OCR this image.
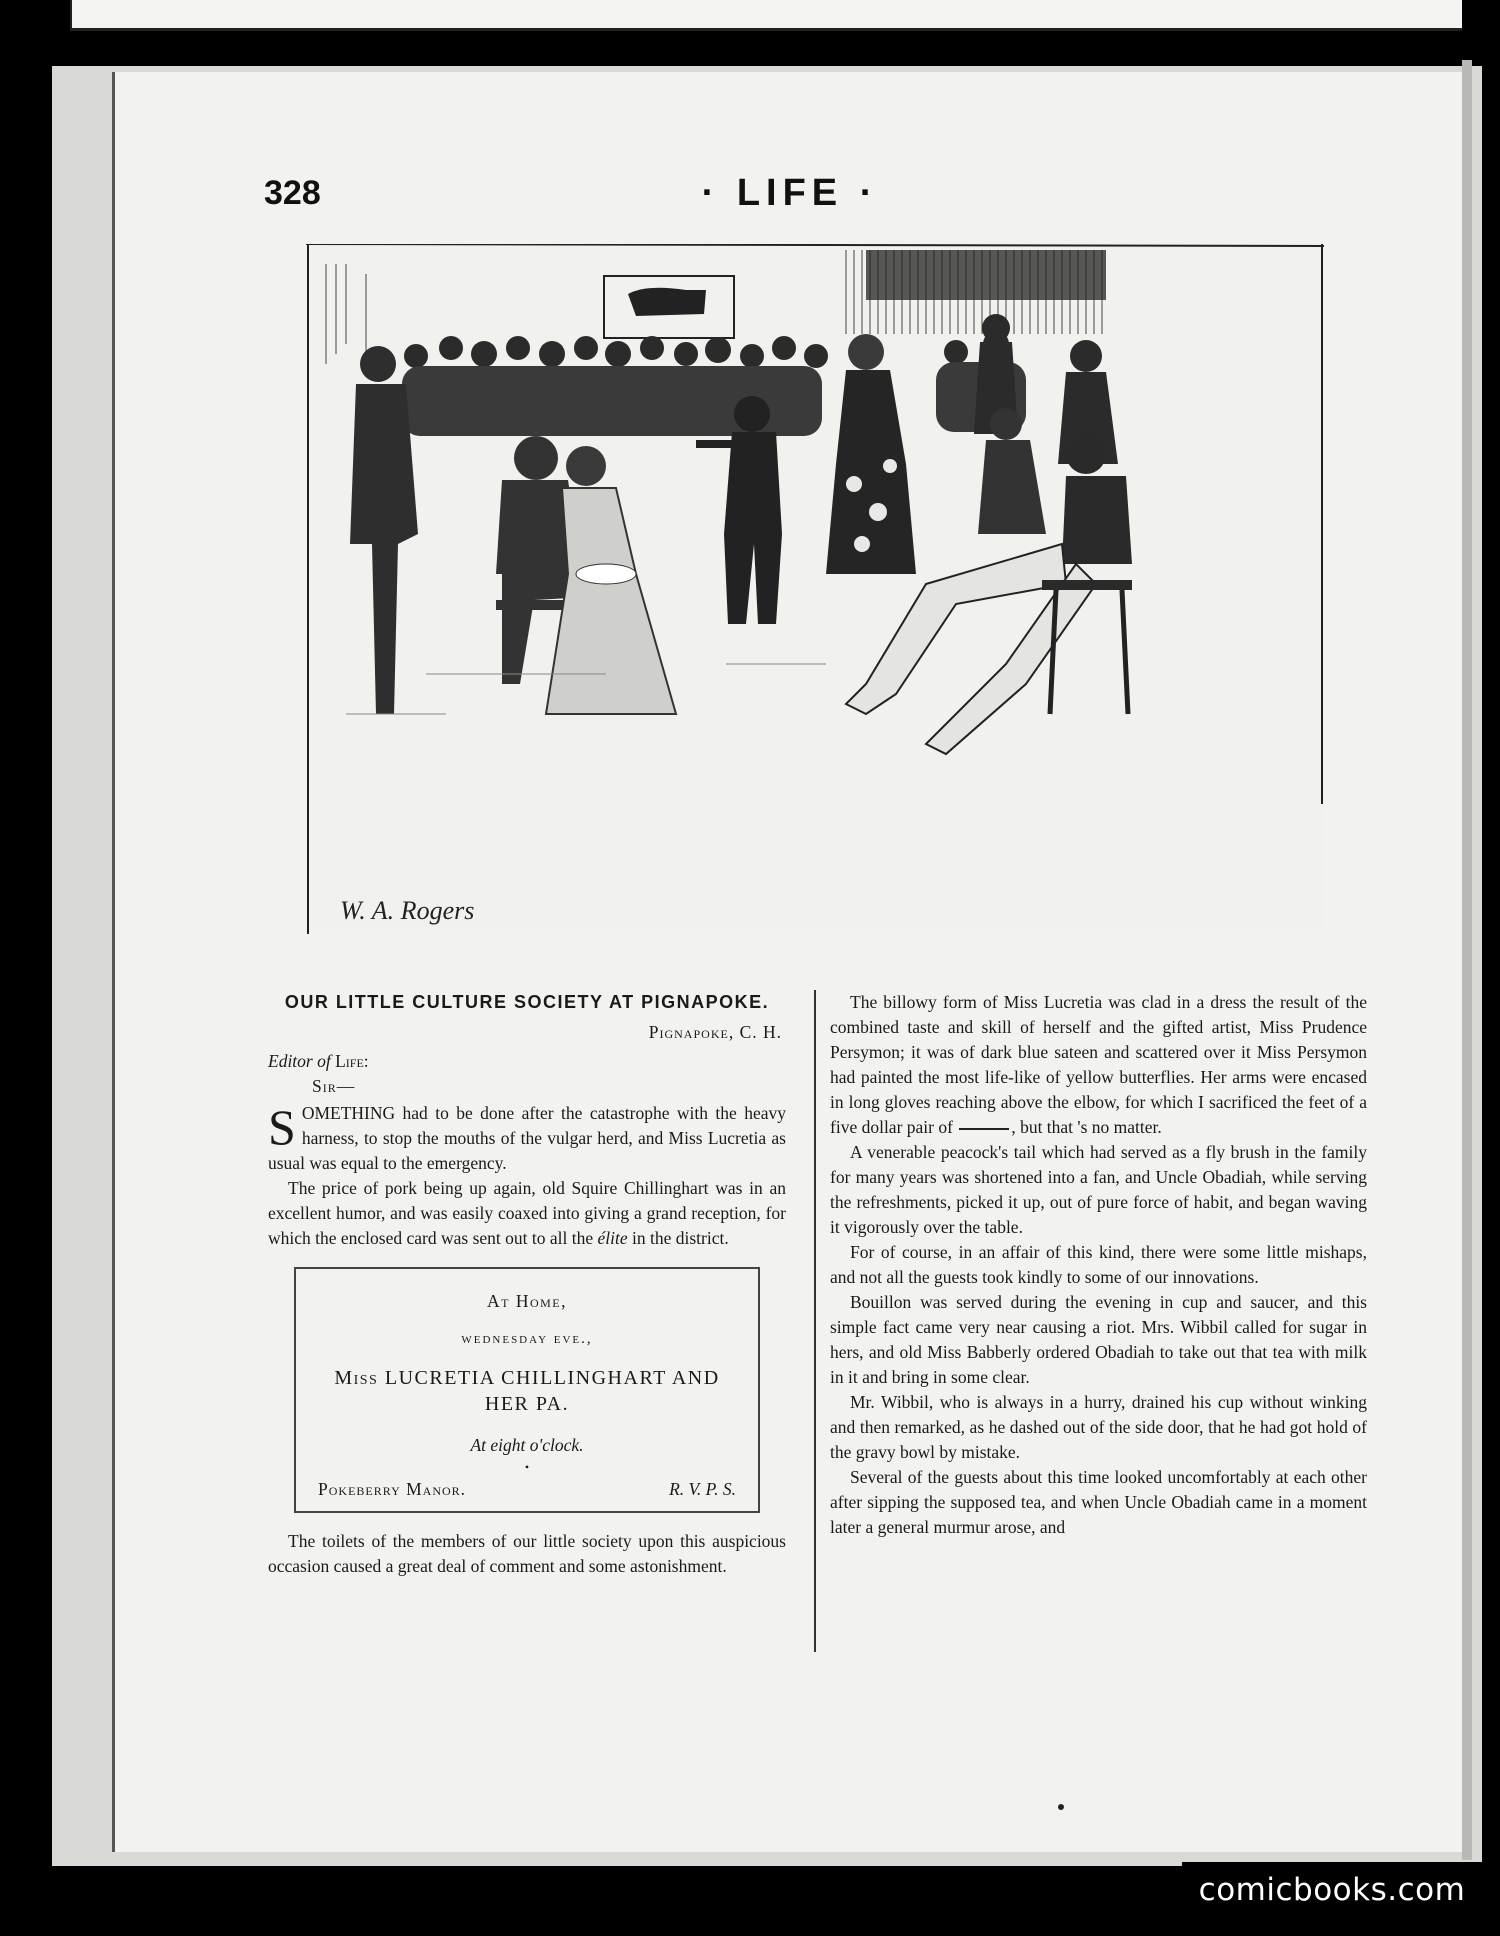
328	· LIFE ·
W. A. Rogers
OUR LITTLE CULTURE SOCIETY AT PIGNAPOKE.
Pignapoke, C. H.
Editor of Life:
Sir—

SOMETHING had to be done after the catastrophe with the heavy harness, to stop the mouths of the vulgar herd, and Miss Lucretia as usual was equal to the emergency.

The price of pork being up again, old Squire Chillinghart was in an excellent humor, and was easily coaxed into giving a grand reception, for which the enclosed card was sent out to all the élite in the district.

At Home,
wednesday eve.,
Miss LUCRETIA CHILLINGHART AND HER PA.
At eight o'clock.
•
Pokeberry Manor.	R. V. P. S.

The toilets of the members of our little society upon this auspicious occasion caused a great deal of comment and some astonishment.

The billowy form of Miss Lucretia was clad in a dress the result of the combined taste and skill of herself and the gifted artist, Miss Prudence Persymon; it was of dark blue sateen and scattered over it Miss Persymon had painted the most life-like of yellow butterflies. Her arms were encased in long gloves reaching above the elbow, for which I sacrificed the feet of a five dollar pair of	, but that 's no matter.

A venerable peacock's tail which had served as a fly brush in the family for many years was shortened into a fan, and Uncle Obadiah, while serving the refreshments, picked it up, out of pure force of habit, and began waving it vigorously over the table.

For of course, in an affair of this kind, there were some little mishaps, and not all the guests took kindly to some of our innovations.

Bouillon was served during the evening in cup and saucer, and this simple fact came very near causing a riot. Mrs. Wibbil called for sugar in hers, and old Miss Babberly ordered Obadiah to take out that tea with milk in it and bring in some clear.

Mr. Wibbil, who is always in a hurry, drained his cup without winking and then remarked, as he dashed out of the side door, that he had got hold of the gravy bowl by mistake.

Several of the guests about this time looked uncomfortably at each other after sipping the supposed tea, and when Uncle Obadiah came in a moment later a general murmur arose, and

comicbooks.com
